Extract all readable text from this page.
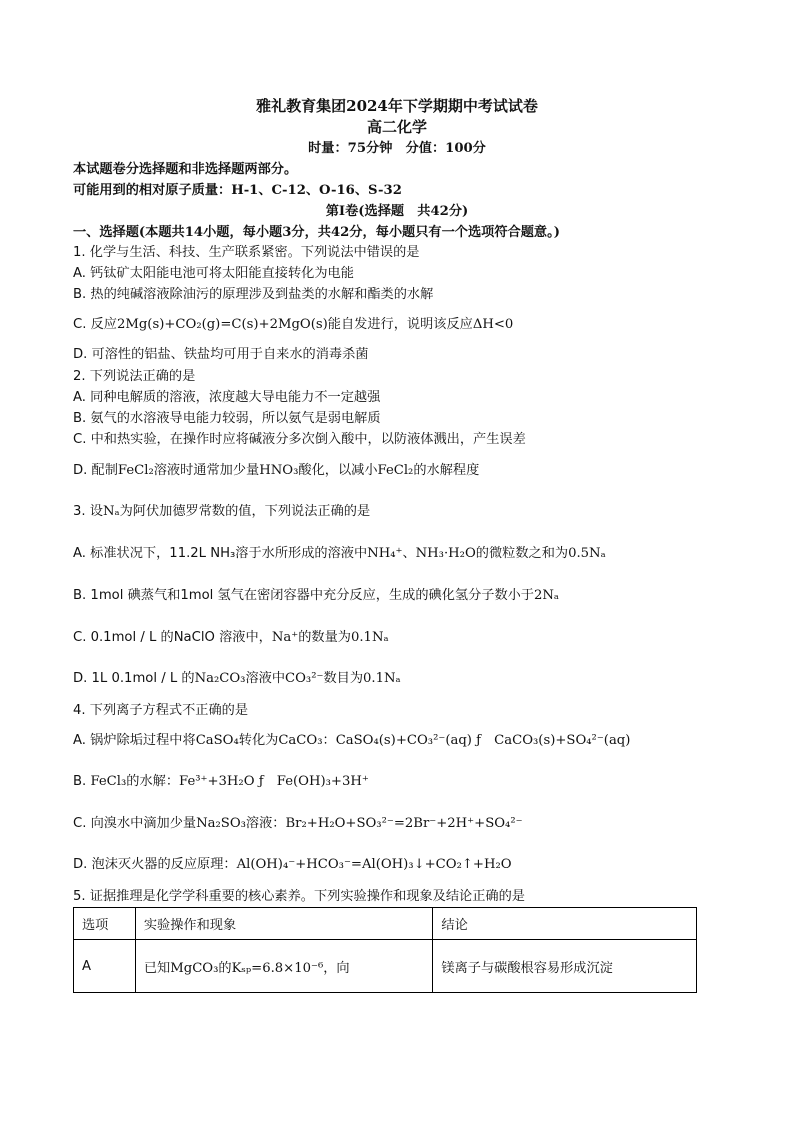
雅礼教育集团2024年下学期期中考试试卷
高二化学
时量：75分钟　分值：100分
本试题卷分选择题和非选择题两部分。
可能用到的相对原子质量：H-1、C-12、O-16、S-32
第Ⅰ卷(选择题　共42分)
一、选择题(本题共14小题，每小题3分，共42分，每小题只有一个选项符合题意。)
1. 化学与生活、科技、生产联系紧密。下列说法中错误的是
A. 钙钛矿太阳能电池可将太阳能直接转化为电能
B. 热的纯碱溶液除油污的原理涉及到盐类的水解和酯类的水解
C. 反应2Mg(s)+CO₂(g)=C(s)+2MgO(s)能自发进行，说明该反应ΔH<0
D. 可溶性的铝盐、铁盐均可用于自来水的消毒杀菌
2. 下列说法正确的是
A. 同种电解质的溶液，浓度越大导电能力不一定越强
B. 氨气的水溶液导电能力较弱，所以氨气是弱电解质
C. 中和热实验，在操作时应将碱液分多次倒入酸中，以防液体溅出，产生误差
D. 配制FeCl₂溶液时通常加少量HNO₃酸化，以减小FeCl₂的水解程度
3. 设Nₐ为阿伏加德罗常数的值，下列说法正确的是
A. 标准状况下，11.2L NH₃溶于水所形成的溶液中NH₄⁺、NH₃·H₂O的微粒数之和为0.5Nₐ
B. 1mol 碘蒸气和1mol 氢气在密闭容器中充分反应，生成的碘化氢分子数小于2Nₐ
C. 0.1mol / L 的NaClO 溶液中，Na⁺的数量为0.1Nₐ
D. 1L 0.1mol / L 的Na₂CO₃溶液中CO₃²⁻数目为0.1Nₐ
4. 下列离子方程式不正确的是
A. 锅炉除垢过程中将CaSO₄转化为CaCO₃：CaSO₄(s)+CO₃²⁻(aq) ƒ　CaCO₃(s)+SO₄²⁻(aq)
B. FeCl₃的水解：Fe³⁺+3H₂O ƒ　Fe(OH)₃+3H⁺
C. 向溴水中滴加少量Na₂SO₃溶液：Br₂+H₂O+SO₃²⁻=2Br⁻+2H⁺+SO₄²⁻
D. 泡沫灭火器的反应原理：Al(OH)₄⁻+HCO₃⁻=Al(OH)₃↓+CO₂↑+H₂O
5. 证据推理是化学学科重要的核心素养。下列实验操作和现象及结论正确的是
选项	实验操作和现象	结论
A	已知MgCO₃的Kₛₚ=6.8×10⁻⁶，向	镁离子与碳酸根容易形成沉淀
